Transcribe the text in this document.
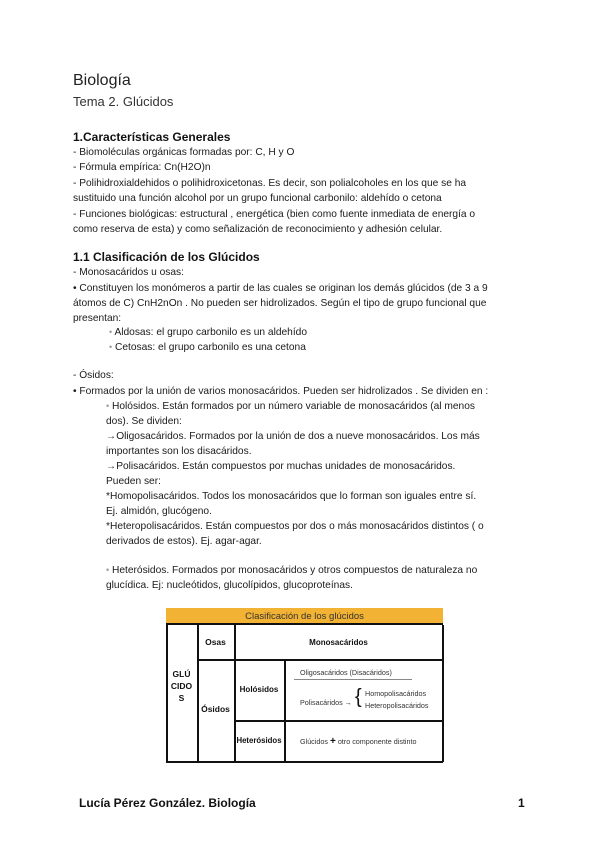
Biología
Tema 2. Glúcidos
1.Características Generales
- Biomoléculas orgánicas formadas por: C, H y O
- Fórmula empírica: Cn(H2O)n
- Polihidroxialdehidos o polihidroxicetonas. Es decir, son polialcoholes en los que se ha
sustituido una función alcohol por un grupo funcional carbonilo: aldehído o cetona
- Funciones biológicas: estructural , energética (bien como fuente inmediata de energía o
como reserva de esta) y como señalización de reconocimiento y adhesión celular.
1.1 Clasificación de los Glúcidos
- Monosacáridos u osas:
• Constituyen los monómeros a partir de las cuales se originan los demás glúcidos (de 3 a 9
átomos de C) CnH2nOn . No pueden ser hidrolizados. Según el tipo de grupo funcional que
presentan:
• Aldosas: el grupo carbonilo es un aldehído
• Cetosas: el grupo carbonilo es una cetona
- Ósidos:
• Formados por la unión de varios monosacáridos. Pueden ser hidrolizados . Se dividen en :
• Holósidos. Están formados por un número variable de monosacáridos (al menos
dos). Se dividen:
→Oligosacáridos. Formados por la unión de dos a nueve monosacáridos. Los más
importantes son los disacáridos.
→Polisacáridos. Están compuestos por muchas unidades de monosacáridos.
Pueden ser:
*Homopolisacáridos. Todos los monosacáridos que lo forman son iguales entre sí.
Ej. almidón, glucógeno.
*Heteropolisacáridos. Están compuestos por dos o más monosacáridos distintos ( o
derivados de estos). Ej. agar-agar.
• Heterósidos. Formados por monosacáridos y otros compuestos de naturaleza no
glucídica. Ej: nucleótidos, glucolípidos, glucoproteínas.
Clasificación de los glúcidos
GLÚ
CIDO
S
Osas	Monosacáridos
Ósidos
Holósidos
Heterósidos
Oligosacáridos (Disacáridos)
Polisacáridos → { Homopolisacáridos
Heteropolisacáridos
Glúcidos + otro componente distinto
Lucía Pérez González. Biología	1
